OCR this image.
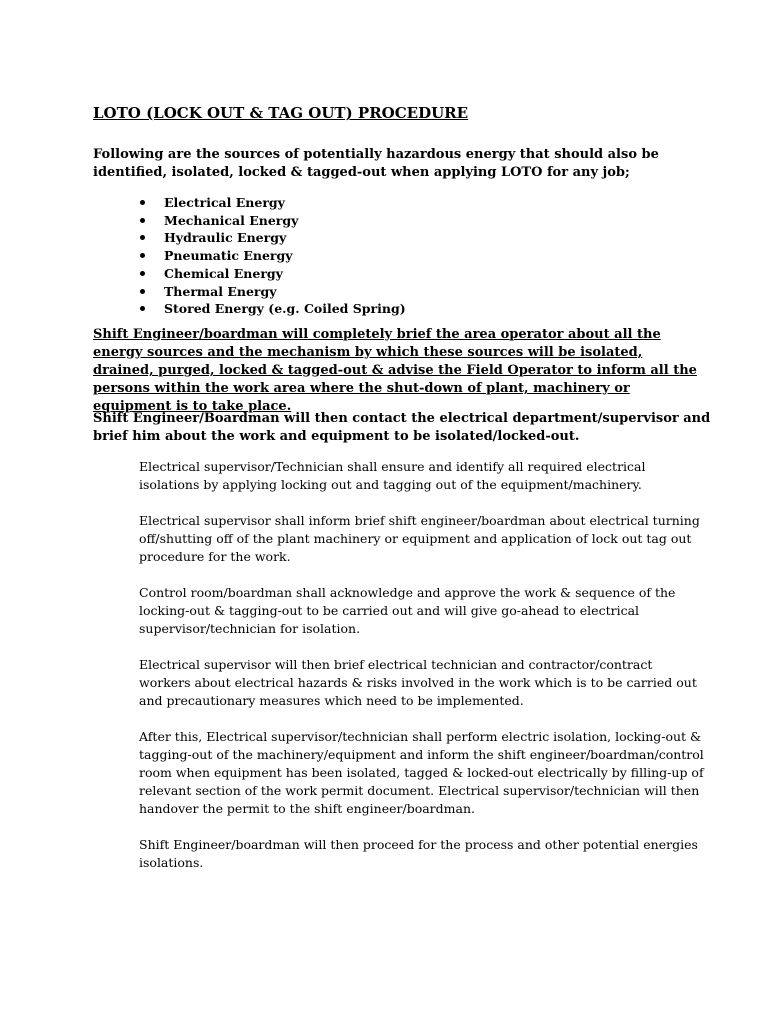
LOTO (LOCK OUT & TAG OUT) PROCEDURE

Following are the sources of potentially hazardous energy that should also be identified, isolated, locked & tagged-out when applying LOTO for any job;

Electrical Energy
Mechanical Energy
Hydraulic Energy
Pneumatic Energy
Chemical Energy
Thermal Energy
Stored Energy (e.g. Coiled Spring)

Shift Engineer/boardman will completely brief the area operator about all the energy sources and the mechanism by which these sources will be isolated, drained, purged, locked & tagged-out & advise the Field Operator to inform all the persons within the work area where the shut-down of plant, machinery or equipment is to take place.

Shift Engineer/Boardman will then contact the electrical department/supervisor and brief him about the work and equipment to be isolated/locked-out.

Electrical supervisor/Technician shall ensure and identify all required electrical isolations by applying locking out and tagging out of the equipment/machinery.

Electrical supervisor shall inform brief shift engineer/boardman about electrical turning off/shutting off of the plant machinery or equipment and application of lock out tag out procedure for the work.

Control room/boardman shall acknowledge and approve the work & sequence of the locking-out & tagging-out to be carried out and will give go-ahead to electrical supervisor/technician for isolation.

Electrical supervisor will then brief electrical technician and contractor/contract workers about electrical hazards & risks involved in the work which is to be carried out and precautionary measures which need to be implemented.

After this, Electrical supervisor/technician shall perform electric isolation, locking-out & tagging-out of the machinery/equipment and inform the shift engineer/boardman/control room when equipment has been isolated, tagged & locked-out electrically by filling-up of relevant section of the work permit document. Electrical supervisor/technician will then handover the permit to the shift engineer/boardman.

Shift Engineer/boardman will then proceed for the process and other potential energies isolations.
